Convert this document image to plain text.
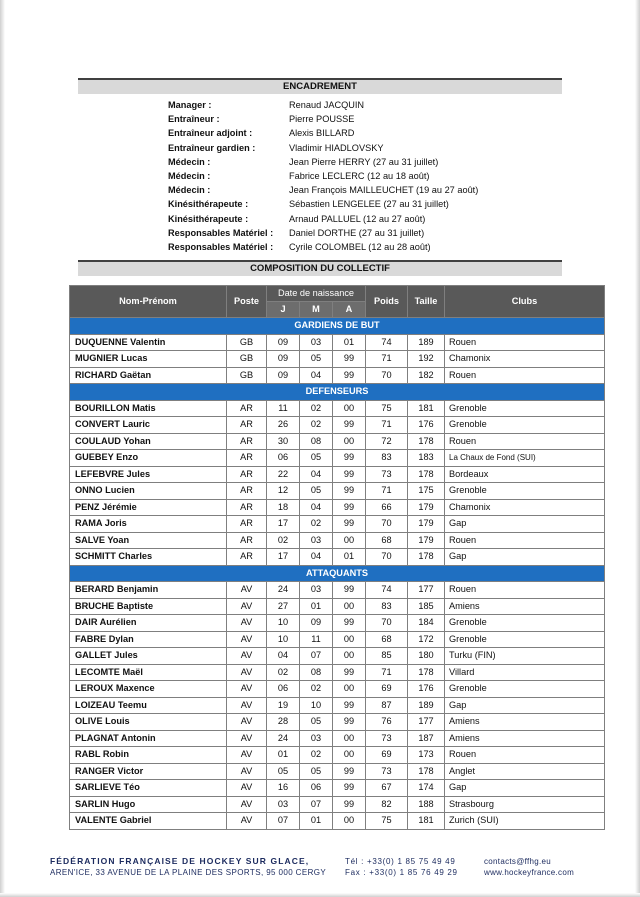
ENCADREMENT
Manager :	Renaud JACQUIN
Entraîneur :	Pierre POUSSE
Entraîneur adjoint :	Alexis BILLARD
Entraîneur gardien :	Vladimir HIADLOVSKY
Médecin :	Jean Pierre HERRY (27 au 31 juillet)
Médecin :	Fabrice LECLERC (12 au 18 août)
Médecin :	Jean François MAILLEUCHET (19 au 27 août)
Kinésithérapeute :	Sébastien LENGELEE (27 au 31 juillet)
Kinésithérapeute :	Arnaud PALLUEL (12 au 27 août)
Responsables Matériel : Daniel DORTHE (27 au 31 juillet)
Responsables Matériel : Cyrile COLOMBEL (12 au 28 août)
COMPOSITION DU COLLECTIF
Nom-Prénom	Poste	Date de naissance			Poids	Taille	Clubs
		J	M	A			
GARDIENS DE BUT							
DUQUENNE Valentin	GB	09	03	01	74	189	Rouen
MUGNIER Lucas	GB	09	05	99	71	192	Chamonix
RICHARD Gaëtan	GB	09	04	99	70	182	Rouen
DEFENSEURS							
BOURILLON Matis	AR	11	02	00	75	181	Grenoble
CONVERT Lauric	AR	26	02	99	71	176	Grenoble
COULAUD Yohan	AR	30	08	00	72	178	Rouen
GUEBEY Enzo	AR	06	05	99	83	183	La Chaux de Fond (SUI)
LEFEBVRE Jules	AR	22	04	99	73	178	Bordeaux
ONNO Lucien	AR	12	05	99	71	175	Grenoble
PENZ Jérémie	AR	18	04	99	66	179	Chamonix
RAMA Joris	AR	17	02	99	70	179	Gap
SALVE Yoan	AR	02	03	00	68	179	Rouen
SCHMITT Charles	AR	17	04	01	70	178	Gap
ATTAQUANTS							
BERARD Benjamin	AV	24	03	99	74	177	Rouen
BRUCHE Baptiste	AV	27	01	00	83	185	Amiens
DAIR Aurélien	AV	10	09	99	70	184	Grenoble
FABRE Dylan	AV	10	11	00	68	172	Grenoble
GALLET Jules	AV	04	07	00	85	180	Turku (FIN)
LECOMTE Maël	AV	02	08	99	71	178	Villard
LEROUX Maxence	AV	06	02	00	69	176	Grenoble
LOIZEAU Teemu	AV	19	10	99	87	189	Gap
OLIVE Louis	AV	28	05	99	76	177	Amiens
PLAGNAT Antonin	AV	24	03	00	73	187	Amiens
RABL Robin	AV	01	02	00	69	173	Rouen
RANGER Victor	AV	05	05	99	73	178	Anglet
SARLIEVE Téo	AV	16	06	99	67	174	Gap
SARLIN Hugo	AV	03	07	99	82	188	Strasbourg
VALENTE Gabriel	AV	07	01	00	75	181	Zurich (SUI)
FÉDÉRATION FRANÇAISE DE HOCKEY SUR GLACE,
AREN'ICE, 33 AVENUE DE LA PLAINE DES SPORTS, 95 000 CERGY
Tél : +33(0) 1 85 75 49 49
Fax : +33(0) 1 85 76 49 29
contacts@ffhg.eu
www.hockeyfrance.com
